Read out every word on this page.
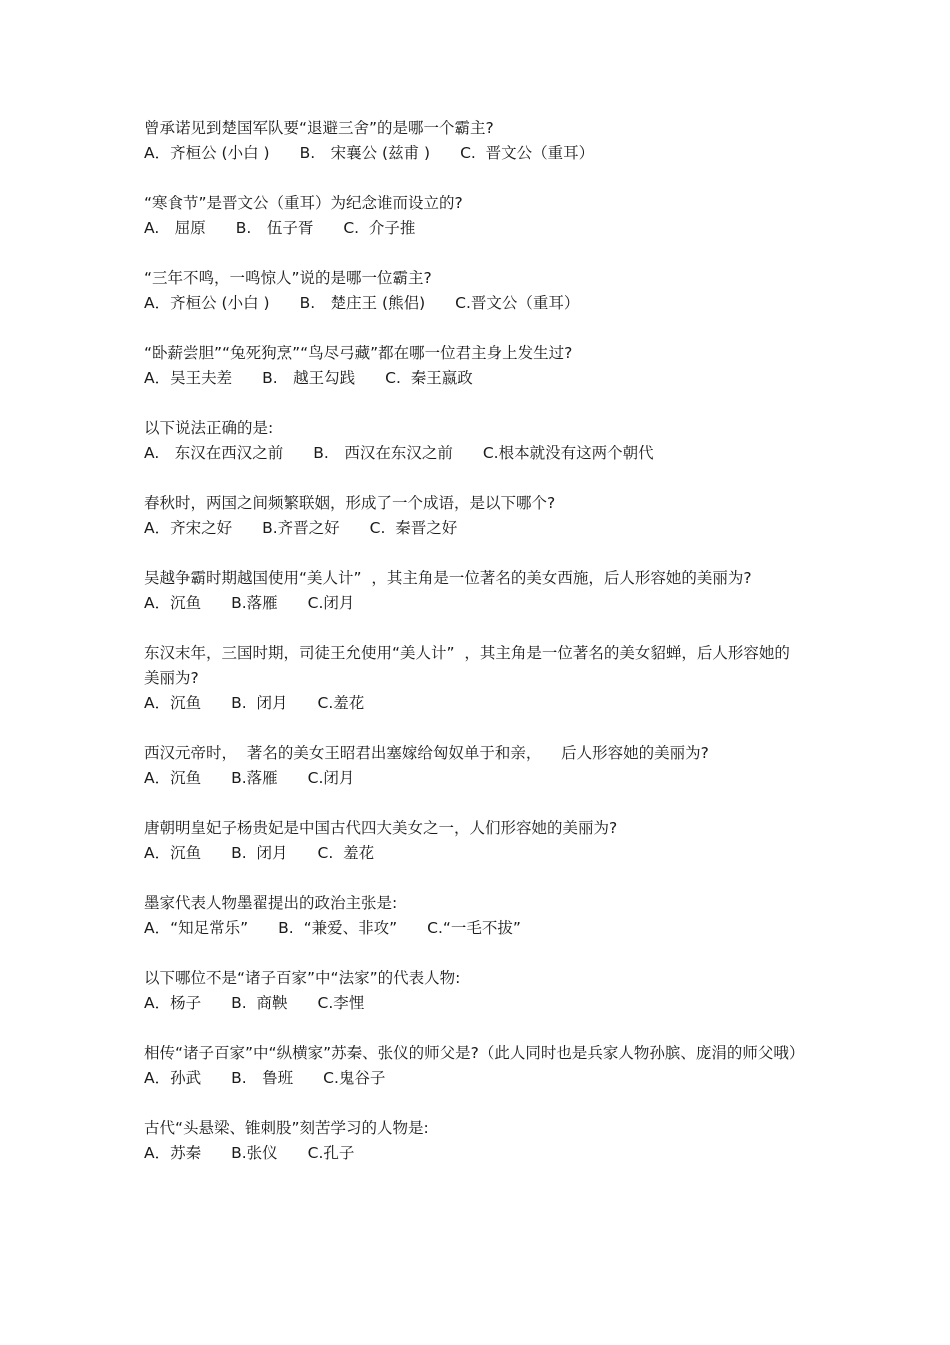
曾承诺见到楚国军队要“退避三舍”的是哪一个霸主?

A．齐桓公 (小白 ) B.　宋襄公 (兹甫 ) C.  晋文公（重耳）

“寒食节”是晋文公（重耳）为纪念谁而设立的?

A.　屈原 B.　伍子胥 C.  介子推

“三年不鸣，一鸣惊人”说的是哪一位霸主?

A．齐桓公 (小白 ) B.　楚庄王 (熊侣) C.晋文公（重耳）

“卧薪尝胆”“兔死狗烹”“鸟尽弓藏”都在哪一位君主身上发生过?

A．吴王夫差 B.　越王勾践 C.  秦王嬴政

以下说法正确的是:

A.　东汉在西汉之前 B.　西汉在东汉之前 C.根本就没有这两个朝代

春秋时，两国之间频繁联姻，形成了一个成语，是以下哪个?

A．齐宋之好 B.齐晋之好 C.  秦晋之好

吴越争霸时期越国使用“美人计”  ，其主角是一位著名的美女西施，后人形容她的美丽为?

A．沉鱼 B.落雁 C.闭月

东汉末年，三国时期，司徒王允使用“美人计”  ，其主角是一位著名的美女貂蝉，后人形容她的美丽为?

A．沉鱼 B.  闭月 C.羞花

西汉元帝时，  著名的美女王昭君出塞嫁给匈奴单于和亲，    后人形容她的美丽为?

A．沉鱼 B.落雁 C.闭月

唐朝明皇妃子杨贵妃是中国古代四大美女之一，人们形容她的美丽为?

A．沉鱼 B.  闭月 C.  羞花

墨家代表人物墨翟提出的政治主张是:

A．“知足常乐” B.  “兼爱、非攻” C.“一毛不拔”

以下哪位不是“诸子百家”中“法家”的代表人物:

A．杨子 B.  商鞅 C.李悝

相传“诸子百家”中“纵横家”苏秦、张仪的师父是?（此人同时也是兵家人物孙膑、庞涓的师父哦）

A．孙武 B.　鲁班 C.鬼谷子

古代“头悬梁、锥刺股”刻苦学习的人物是:

A．苏秦 B.张仪 C.孔子
